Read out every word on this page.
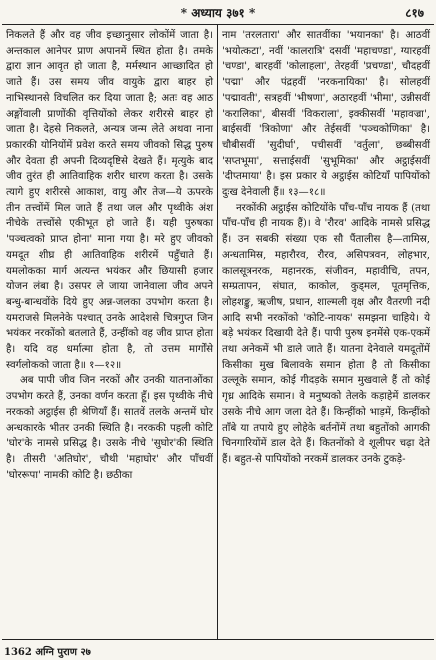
* अध्याय ३७१ *	८१७

निकलते हैं और वह जीव इच्छानुसार लोकोंमें जाता है। अन्तकाल आनेपर प्राण अपानमें स्थित होता है। तमके द्वारा ज्ञान आवृत हो जाता है, मर्मस्थान आच्छादित हो जाते हैं। उस समय जीव वायुके द्वारा बाहर हो नाभिस्थानसे विचलित कर दिया जाता है; अतः वह आठ अङ्गोंवाली प्राणोंकी वृत्तियोंको लेकर शरीरसे बाहर हो जाता है। देहसे निकलते, अन्यत्र जन्म लेते अथवा नाना प्रकारकी योनियोंमें प्रवेश करते समय जीवको सिद्ध पुरुष और देवता ही अपनी दिव्यदृष्टिसे देखते हैं। मृत्युके बाद जीव तुरंत ही आतिवाहिक शरीर धारण करता है। उसके त्यागे हुए शरीरसे आकाश, वायु और तेज—ये ऊपरके तीन तत्त्वोंमें मिल जाते हैं तथा जल और पृथ्वीके अंश नीचेके तत्त्वोंसे एकीभूत हो जाते हैं। यही पुरुषका 'पञ्चत्वको प्राप्त होना' माना गया है। मरे हुए जीवको यमदूत शीघ्र ही आतिवाहिक शरीरमें पहुँचाते हैं। यमलोकका मार्ग अत्यन्त भयंकर और छियासी हजार योजन लंबा है। उसपर ले जाया जानेवाला जीव अपने बन्धु-बान्धवोंके दिये हुए अन्न-जलका उपभोग करता है। यमराजसे मिलनेके पश्चात् उनके आदेशसे चित्रगुप्त जिन भयंकर नरकोंको बतलाते हैं, उन्हींको वह जीव प्राप्त होता है। यदि वह धर्मात्मा होता है, तो उत्तम मार्गोंसे स्वर्गलोकको जाता है॥ १—१२॥

अब पापी जीव जिन नरकों और उनकी यातनाओंका उपभोग करते हैं, उनका वर्णन करता हूँ। इस पृथ्वीके नीचे नरकको अट्ठाईस ही श्रेणियाँ हैं। सातवें तलके अन्तमें घोर अन्धकारके भीतर उनकी स्थिति है। नरककी पहली कोटि 'घोर'के नामसे प्रसिद्ध है। उसके नीचे 'सुघोर'की स्थिति है। तीसरी 'अतिघोर', चौथी 'महाघोर' और पाँचवीं 'घोररूपा' नामकी कोटि है। छठीका

नाम 'तरलतारा' और सातवींका 'भयानका' है। आठवीं 'भयोत्कटा', नवीं 'कालरात्रि' दसवीं 'महाचण्डा', ग्यारहवीं 'चण्डा', बारहवीं 'कोलाहला', तेरहवीं 'प्रचण्डा', चौदहवीं 'पद्मा' और पंद्रहवीं 'नरकनायिका' है। सोलहवीं 'पद्मावती', सत्रहवीं 'भीषणा', अठारहवीं 'भीमा', उन्नीसवीं 'करालिका', बीसवीं 'विकराला', इक्कीसवीं 'महावज्रा', बाईसवीं 'त्रिकोणा' और तेईसवीं 'पञ्चकोणिका' है। चौबीसवीं 'सुदीर्घा', पचीसवीं 'वर्तुला', छब्बीसवीं 'सप्तभूमा', सत्ताईसवीं 'सुभूमिका' और अट्ठाईसवीं 'दीप्तमाया' है। इस प्रकार ये अट्ठाईस कोटियाँ पापियोंको दुःख देनेवाली हैं॥ १३—१८॥

नरकोंकी अट्ठाईस कोटियोंके पाँच-पाँच नायक हैं (तथा पाँच-पाँच ही नायक हैं)। वे 'रौरव' आदिके नामसे प्रसिद्ध हैं। उन सबकी संख्या एक सौ पैंतालीस है—तामिस्र, अन्धतामिस्र, महारौरव, रौरव, असिपत्रवन, लोहभार, कालसूत्रनरक, महानरक, संजीवन, महावीचि, तपन, सम्प्रतापन, संघात, काकोल, कुड्मल, पूतमृत्तिक, लोहशङ्कु, ऋजीष, प्रधान, शाल्मली वृक्ष और वैतरणी नदी आदि सभी नरकोंको 'कोटि-नायक' समझना चाहिये। ये बड़े भयंकर दिखायी देते हैं। पापी पुरुष इनमेंसे एक-एकमें तथा अनेकमें भी डाले जाते हैं। यातना देनेवाले यमदूतोंमें किसीका मुख बिलावके समान होता है तो किसीका उल्लूके समान, कोई गीदड़के समान मुखवाले हैं तो कोई गृध्र आदिके समान। वे मनुष्यको तेलके कड़ाहेमें डालकर उसके नीचे आग जला देते हैं। किन्हींको भाड़में, किन्हींको ताँबे या तपाये हुए लोहेके बर्तनोंमें तथा बहुतोंको आगकी चिनगारियोंमें डाल देते हैं। कितनोंको वे शूलीपर चढ़ा देते हैं। बहुत-से पापियोंको नरकमें डालकर उनके टुकड़े-

1362 अग्नि पुराण २७
